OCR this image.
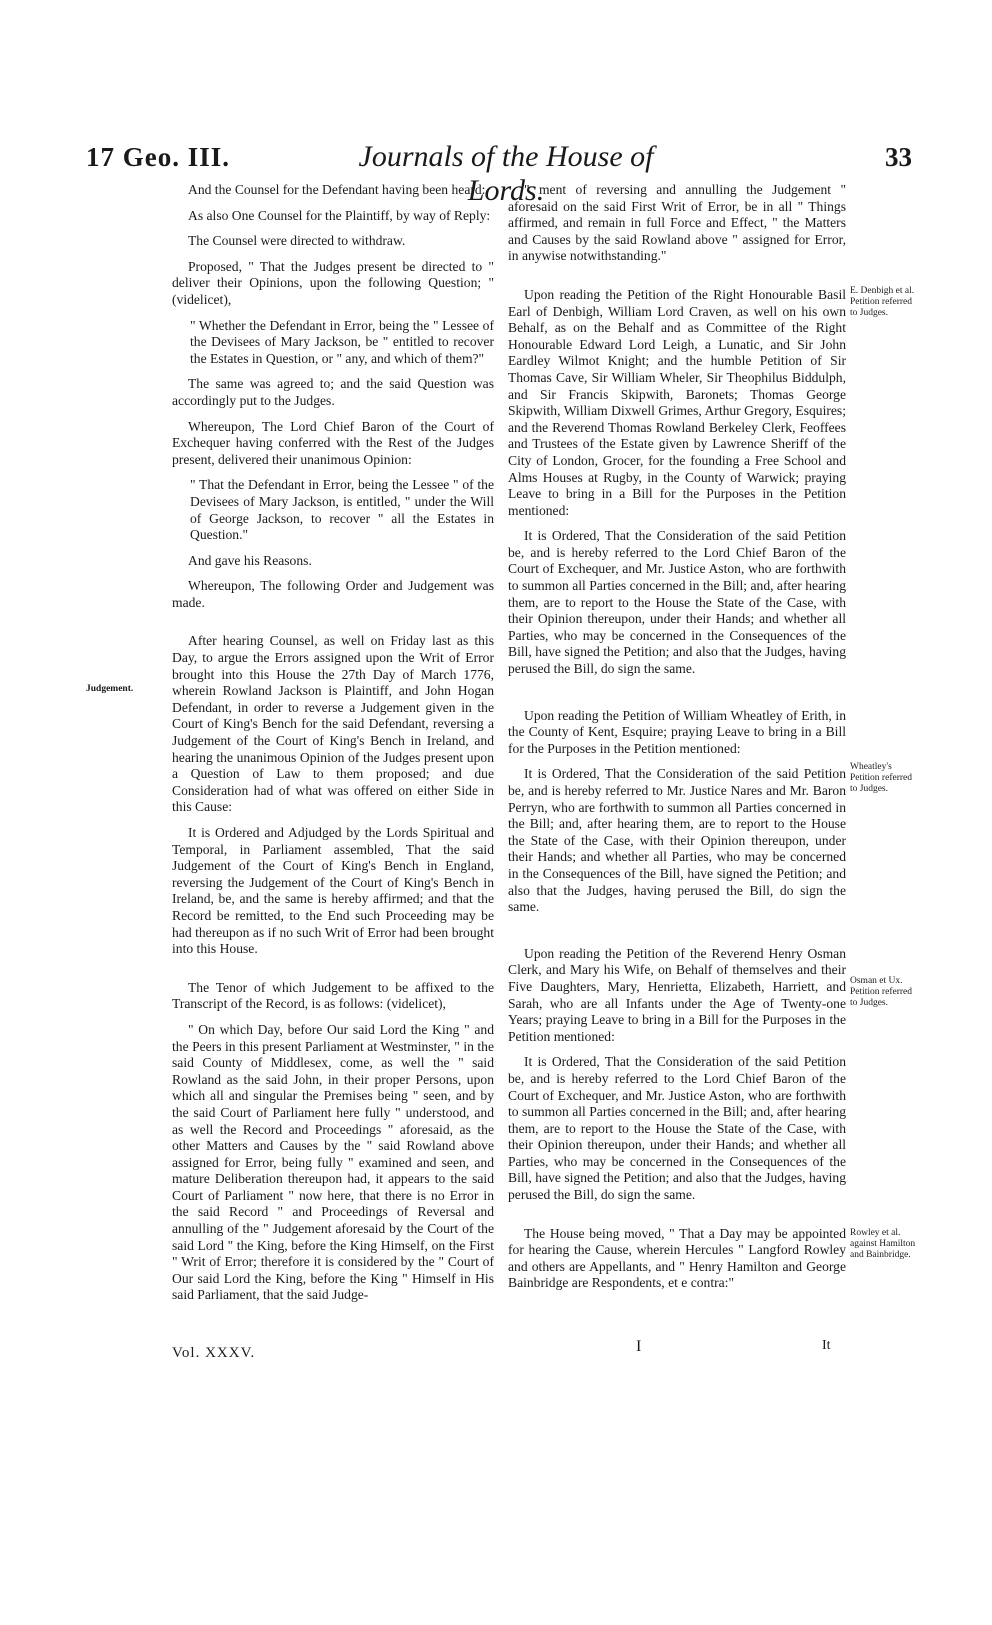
17 Geo. III.	Journals of the House of Lords.
33

And the Counsel for the Defendant having been heard:

As also One Counsel for the Plaintiff, by way of Reply:

The Counsel were directed to withdraw.

Proposed, " That the Judges present be directed to " deliver their Opinions, upon the following Question; " (videlicet),

" Whether the Defendant in Error, being the " Lessee of the Devisees of Mary Jackson, be " entitled to recover the Estates in Question, or " any, and which of them?"

The same was agreed to; and the said Question was accordingly put to the Judges.

Whereupon, The Lord Chief Baron of the Court of Exchequer having conferred with the Rest of the Judges present, delivered their unanimous Opinion:

" That the Defendant in Error, being the Lessee " of the Devisees of Mary Jackson, is entitled, " under the Will of George Jackson, to recover " all the Estates in Question."

And gave his Reasons.

Whereupon, The following Order and Judgement was made.

After hearing Counsel, as well on Friday last as this Day, to argue the Errors assigned upon the Writ of Error brought into this House the 27th Day of March 1776, wherein Rowland Jackson is Plaintiff, and John Hogan Defendant, in order to reverse a Judgement given in the Court of King's Bench for the said Defendant, reversing a Judgement of the Court of King's Bench in Ireland, and hearing the unanimous Opinion of the Judges present upon a Question of Law to them proposed; and due Consideration had of what was offered on either Side in this Cause:

It is Ordered and Adjudged by the Lords Spiritual and Temporal, in Parliament assembled, That the said Judgement of the Court of King's Bench in England, reversing the Judgement of the Court of King's Bench in Ireland, be, and the same is hereby affirmed; and that the Record be remitted, to the End such Proceeding may be had thereupon as if no such Writ of Error had been brought into this House.

The Tenor of which Judgement to be affixed to the Transcript of the Record, is as follows: (videlicet),

" On which Day, before Our said Lord the King " and the Peers in this present Parliament at Westminster, " in the said County of Middlesex, come, as well the " said Rowland as the said John, in their proper Persons, upon which all and singular the Premises being " seen, and by the said Court of Parliament here fully " understood, and as well the Record and Proceedings " aforesaid, as the other Matters and Causes by the " said Rowland above assigned for Error, being fully " examined and seen, and mature Deliberation thereupon had, it appears to the said Court of Parliament " now here, that there is no Error in the said Record " and Proceedings of Reversal and annulling of the " Judgement aforesaid by the Court of the said Lord " the King, before the King Himself, on the First " Writ of Error; therefore it is considered by the " Court of Our said Lord the King, before the King " Himself in His said Parliament, that the said Judge-

" ment of reversing and annulling the Judgement " aforesaid on the said First Writ of Error, be in all " Things affirmed, and remain in full Force and Effect, " the Matters and Causes by the said Rowland above " assigned for Error, in anywise notwithstanding."

Upon reading the Petition of the Right Honourable Basil Earl of Denbigh, William Lord Craven, as well on his own Behalf, as on the Behalf and as Committee of the Right Honourable Edward Lord Leigh, a Lunatic, and Sir John Eardley Wilmot Knight; and the humble Petition of Sir Thomas Cave, Sir William Wheler, Sir Theophilus Biddulph, and Sir Francis Skipwith, Baronets; Thomas George Skipwith, William Dixwell Grimes, Arthur Gregory, Esquires; and the Reverend Thomas Rowland Berkeley Clerk, Feoffees and Trustees of the Estate given by Lawrence Sheriff of the City of London, Grocer, for the founding a Free School and Alms Houses at Rugby, in the County of Warwick; praying Leave to bring in a Bill for the Purposes in the Petition mentioned:

It is Ordered, That the Consideration of the said Petition be, and is hereby referred to the Lord Chief Baron of the Court of Exchequer, and Mr. Justice Aston, who are forthwith to summon all Parties concerned in the Bill; and, after hearing them, are to report to the House the State of the Case, with their Opinion thereupon, under their Hands; and whether all Parties, who may be concerned in the Consequences of the Bill, have signed the Petition; and also that the Judges, having perused the Bill, do sign the same.

Upon reading the Petition of William Wheatley of Erith, in the County of Kent, Esquire; praying Leave to bring in a Bill for the Purposes in the Petition mentioned:

It is Ordered, That the Consideration of the said Petition be, and is hereby referred to Mr. Justice Nares and Mr. Baron Perryn, who are forthwith to summon all Parties concerned in the Bill; and, after hearing them, are to report to the House the State of the Case, with their Opinion thereupon, under their Hands; and whether all Parties, who may be concerned in the Consequences of the Bill, have signed the Petition; and also that the Judges, having perused the Bill, do sign the same.

Upon reading the Petition of the Reverend Henry Osman Clerk, and Mary his Wife, on Behalf of themselves and their Five Daughters, Mary, Henrietta, Elizabeth, Harriett, and Sarah, who are all Infants under the Age of Twenty-one Years; praying Leave to bring in a Bill for the Purposes in the Petition mentioned:

It is Ordered, That the Consideration of the said Petition be, and is hereby referred to the Lord Chief Baron of the Court of Exchequer, and Mr. Justice Aston, who are forthwith to summon all Parties concerned in the Bill; and, after hearing them, are to report to the House the State of the Case, with their Opinion thereupon, under their Hands; and whether all Parties, who may be concerned in the Consequences of the Bill, have signed the Petition; and also that the Judges, having perused the Bill, do sign the same.

The House being moved, " That a Day may be appointed for hearing the Cause, wherein Hercules " Langford Rowley and others are Appellants, and " Henry Hamilton and George Bainbridge are Respondents, et e contra:"

Judgement.
E. Denbigh et al. Petition referred to Judges.
Wheatley's Petition referred to Judges.
Osman et Ux. Petition referred to Judges.
Rowley et al. against Hamilton and Bainbridge.
Vol. XXXV.	I	It
